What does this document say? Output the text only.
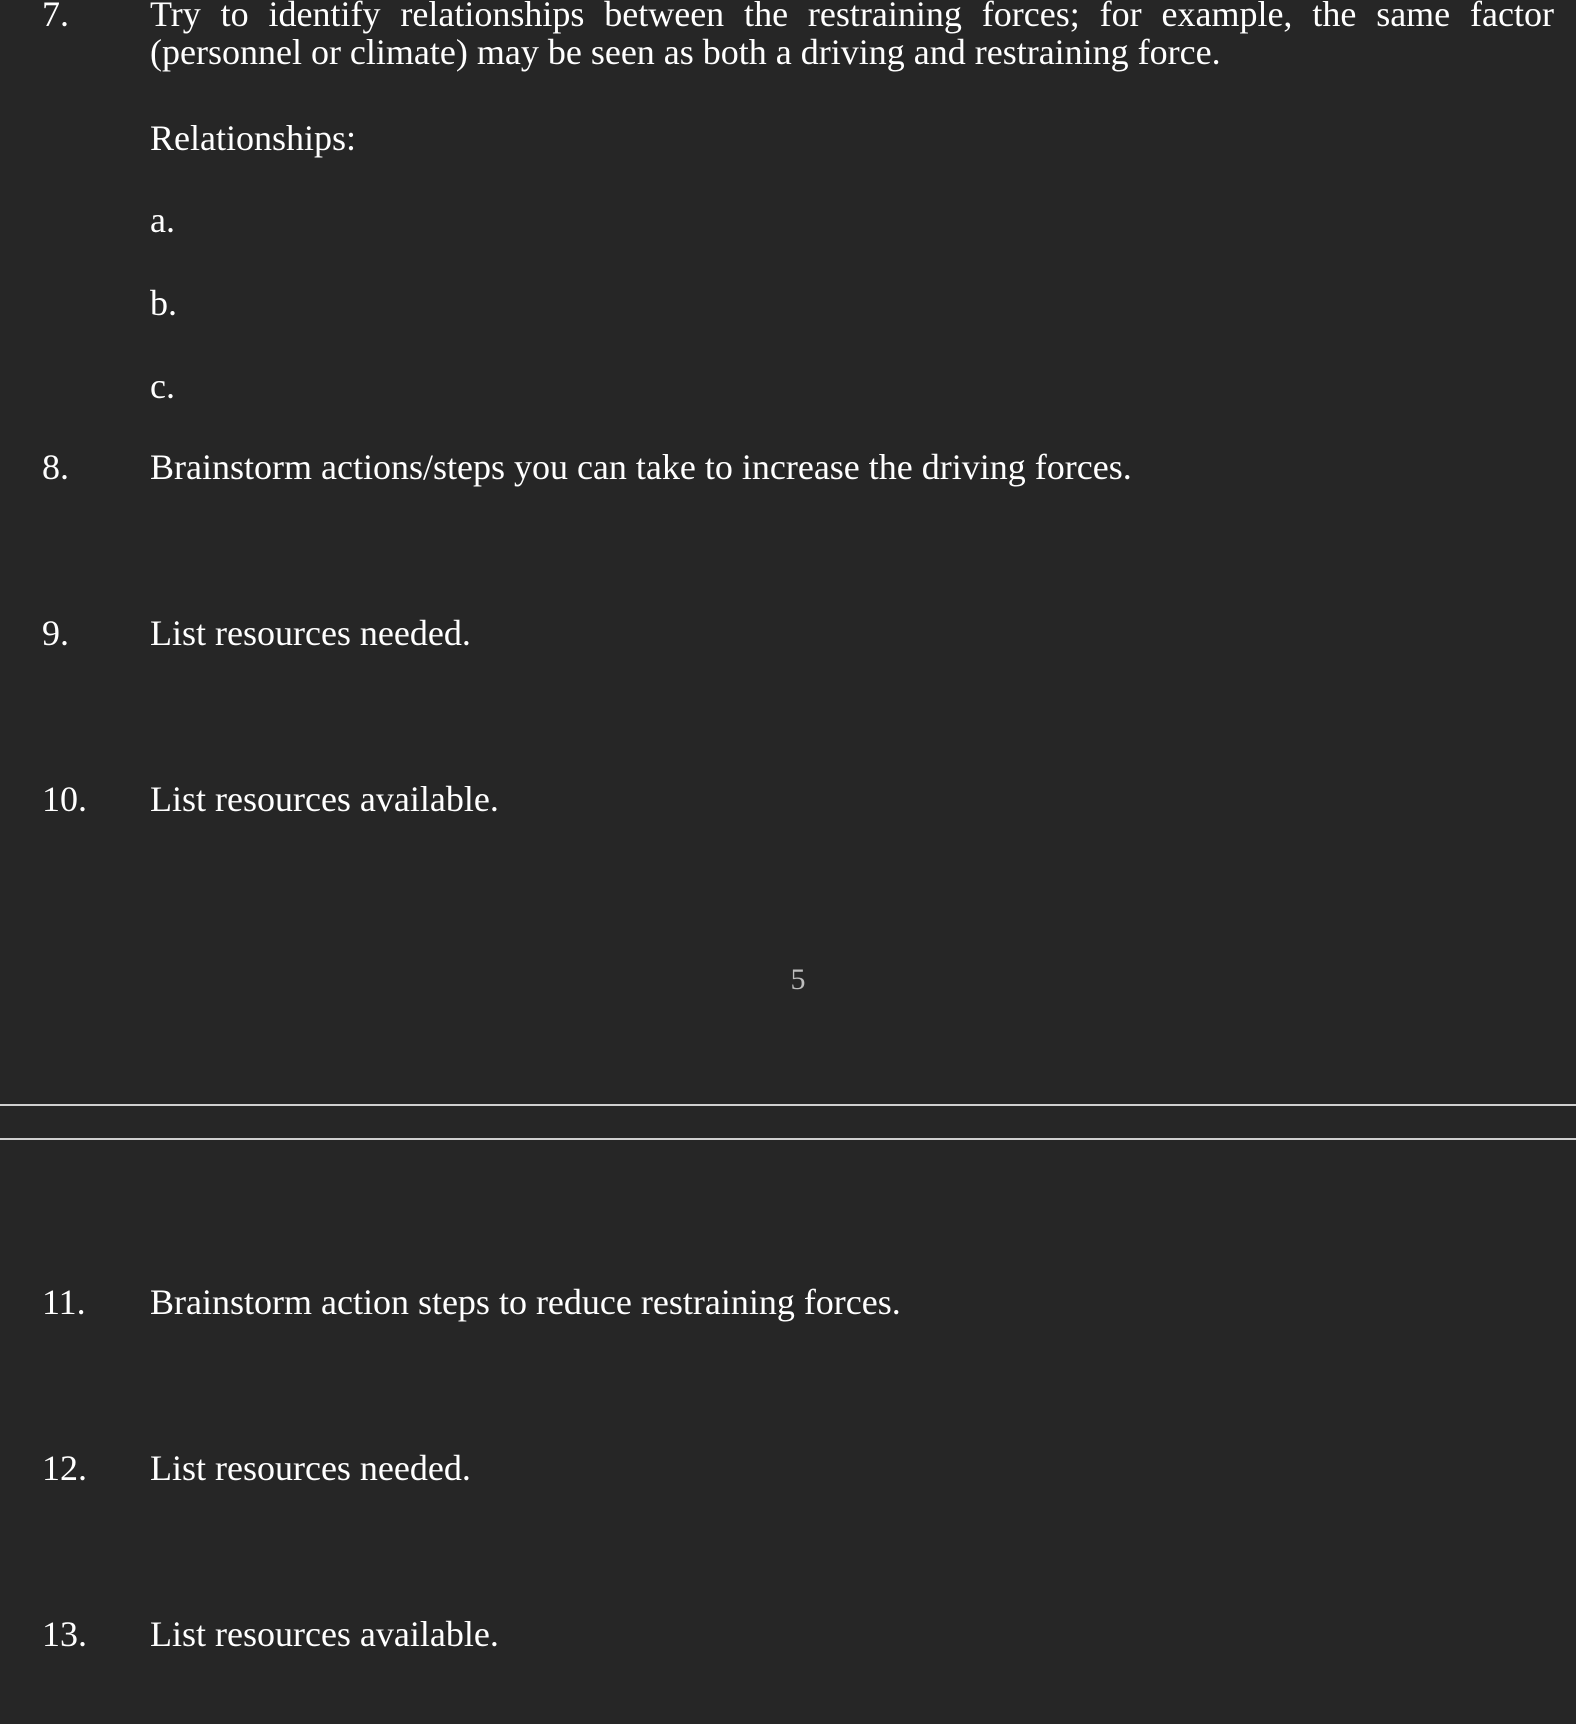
7. Try to identify relationships between the restraining forces; for example, the same factor
(personnel or climate) may be seen as both a driving and restraining force.
Relationships:
a.
b.
c.
8. Brainstorm actions/steps you can take to increase the driving forces.
9. List resources needed.
10. List resources available.
5
11. Brainstorm action steps to reduce restraining forces.
12. List resources needed.
13. List resources available.
